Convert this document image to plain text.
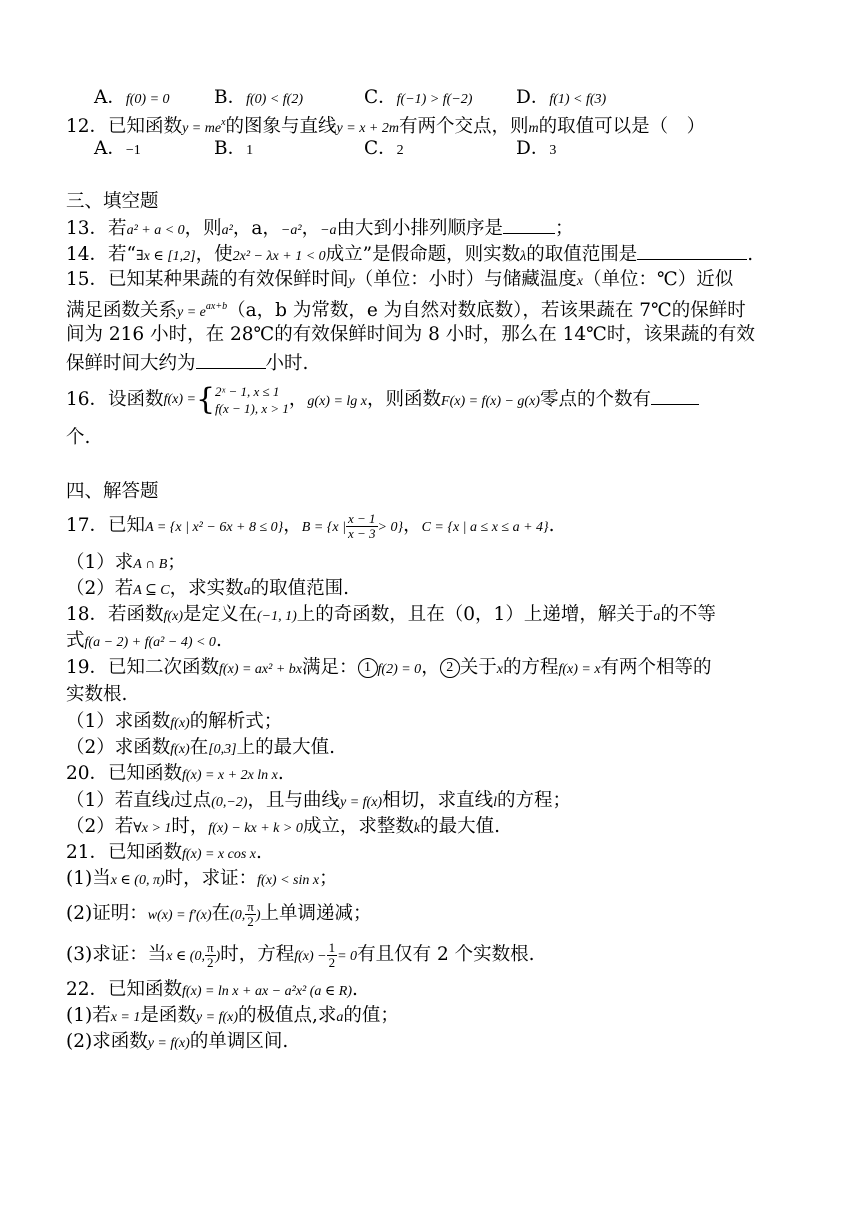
A．f(0) = 0 B．f(0) < f(2)	C．f(−1) > f(−2) D．f(1) < f(3)
12．已知函数$y = me^x$的图象与直线y = x + 2m有两个交点，则m的取值可以是（　）
A．−1	B．1	C．2	D．3
三、填空题
13．若a² + a < 0，则a²，a，−a²，−a由大到小排列顺序是	；
14．若“∃x ∈ [1,2]，使2x² − λx + 1 < 0成立”是假命题，则实数λ的取值范围是	.
15．已知某种果蔬的有效保鲜时间y（单位：小时）与储藏温度x（单位：℃）近似
满足函数关系$y = e^{ax+b}(a$，b 为常数，e 为自然对数底数），若该果蔬在 7℃的保鲜时
间为 216 小时，在 28℃的有效保鲜时间为 8 小时，那么在 14℃时，该果蔬的有效
保鲜时间大约为	小时.
16．设函数f(x) ={ 2ˣ − 1, x ≤ 1
f(x − 1), x > 1 ，g(x) = lg x，则函数F(x) = f(x) − g(x)零点的个数有
个.
四、解答题
17．已知A = {x | x² − 6x + 8 ≤ 0}，B = {x | $\frac{x - 1}{x - 3} > 0$}，C = {x | a ≤ x ≤ a + 4}.
（1）求A ∩ B；
（2）若A ⊆ C，求实数a的取值范围.
18．若函数f(x)是定义在(−1, 1)上的奇函数，且在（0，1）上递增，解关于a的不等
式f(a − 2) + f(a² − 4) < 0.
19．已知二次函数f(x) = ax² + bx满足： 1 f(2) = 0， 2 关于x的方程f(x) = x有两个相等的
实数根.
（1）求函数f(x)的解析式；
（2）求函数f(x)在[0,3]上的最大值.
20．已知函数f(x) = x + 2x ln x.
（1）若直线l过点(0,−2)，且与曲线y = f(x)相切，求直线l的方程；
（2）若∀x > 1时，f(x) − kx + k > 0成立，求整数k的最大值.
21．已知函数f(x) = x cos x.
(1)当x ∈ (0, π)时，求证：f(x) < sin x；
(2)证明：w(x) = f′(x)在(0, $\frac{\pi}{2}$ )上单调递减；
(3)求证：当x ∈ (0, $\frac{\pi}{2}$ )时，方程$f(x) - \frac{1}{2} = 0$有且仅有 2 个实数根.
22．已知函数f(x) = ln x + ax − a²x² (a ∈ R).
(1)若x = 1是函数y = f(x)的极值点,求a的值；
(2)求函数y = f(x)的单调区间.
